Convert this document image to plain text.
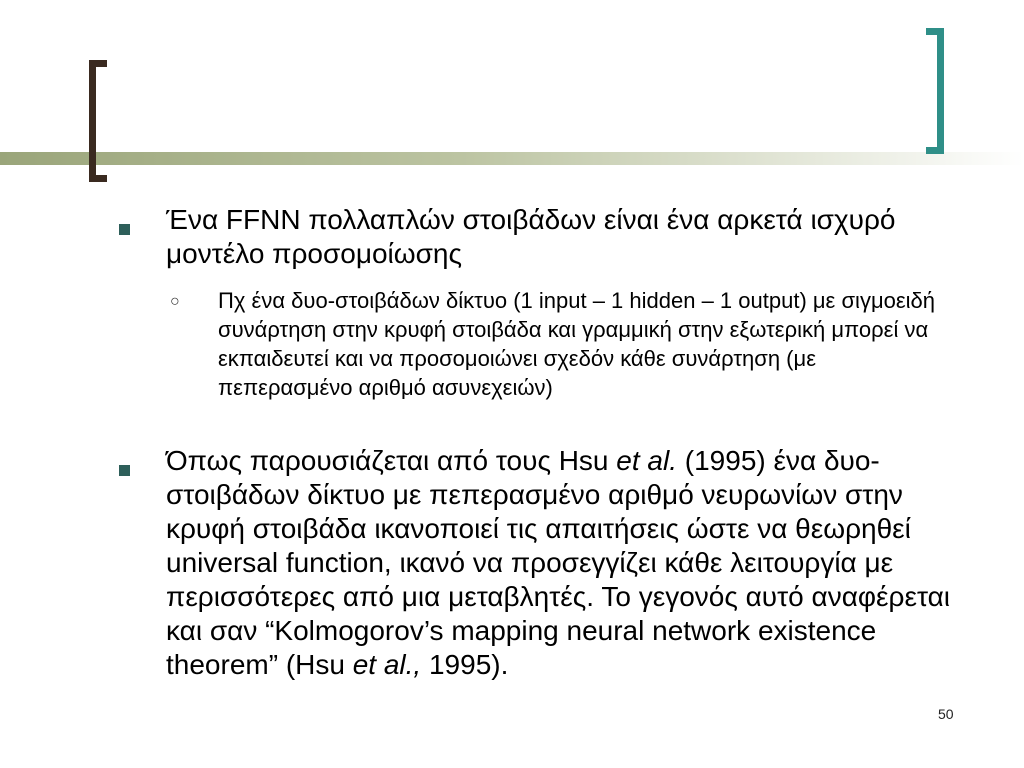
Ένα FFNN πολλαπλών στοιβάδων είναι ένα αρκετά ισχυρό μοντέλο προσομοίωσης

○ Πχ ένα δυο-στοιβάδων δίκτυο (1 input – 1 hidden – 1 output) με σιγμοειδή συνάρτηση στην κρυφή στοιβάδα και γραμμική στην εξωτερική μπορεί να εκπαιδευτεί και να προσομοιώνει σχεδόν κάθε συνάρτηση (με πεπερασμένο αριθμό ασυνεχειών)

Όπως παρουσιάζεται από τους Hsu et al. (1995) ένα δυο-στοιβάδων δίκτυο με πεπερασμένο αριθμό νευρωνίων στην κρυφή στοιβάδα ικανοποιεί τις απαιτήσεις ώστε να θεωρηθεί universal function, ικανό να προσεγγίζει κάθε λειτουργία με περισσότερες από μια μεταβλητές. Το γεγονός αυτό αναφέρεται και σαν “Kolmogorov’s mapping neural network existence theorem” (Hsu et al., 1995).

50
